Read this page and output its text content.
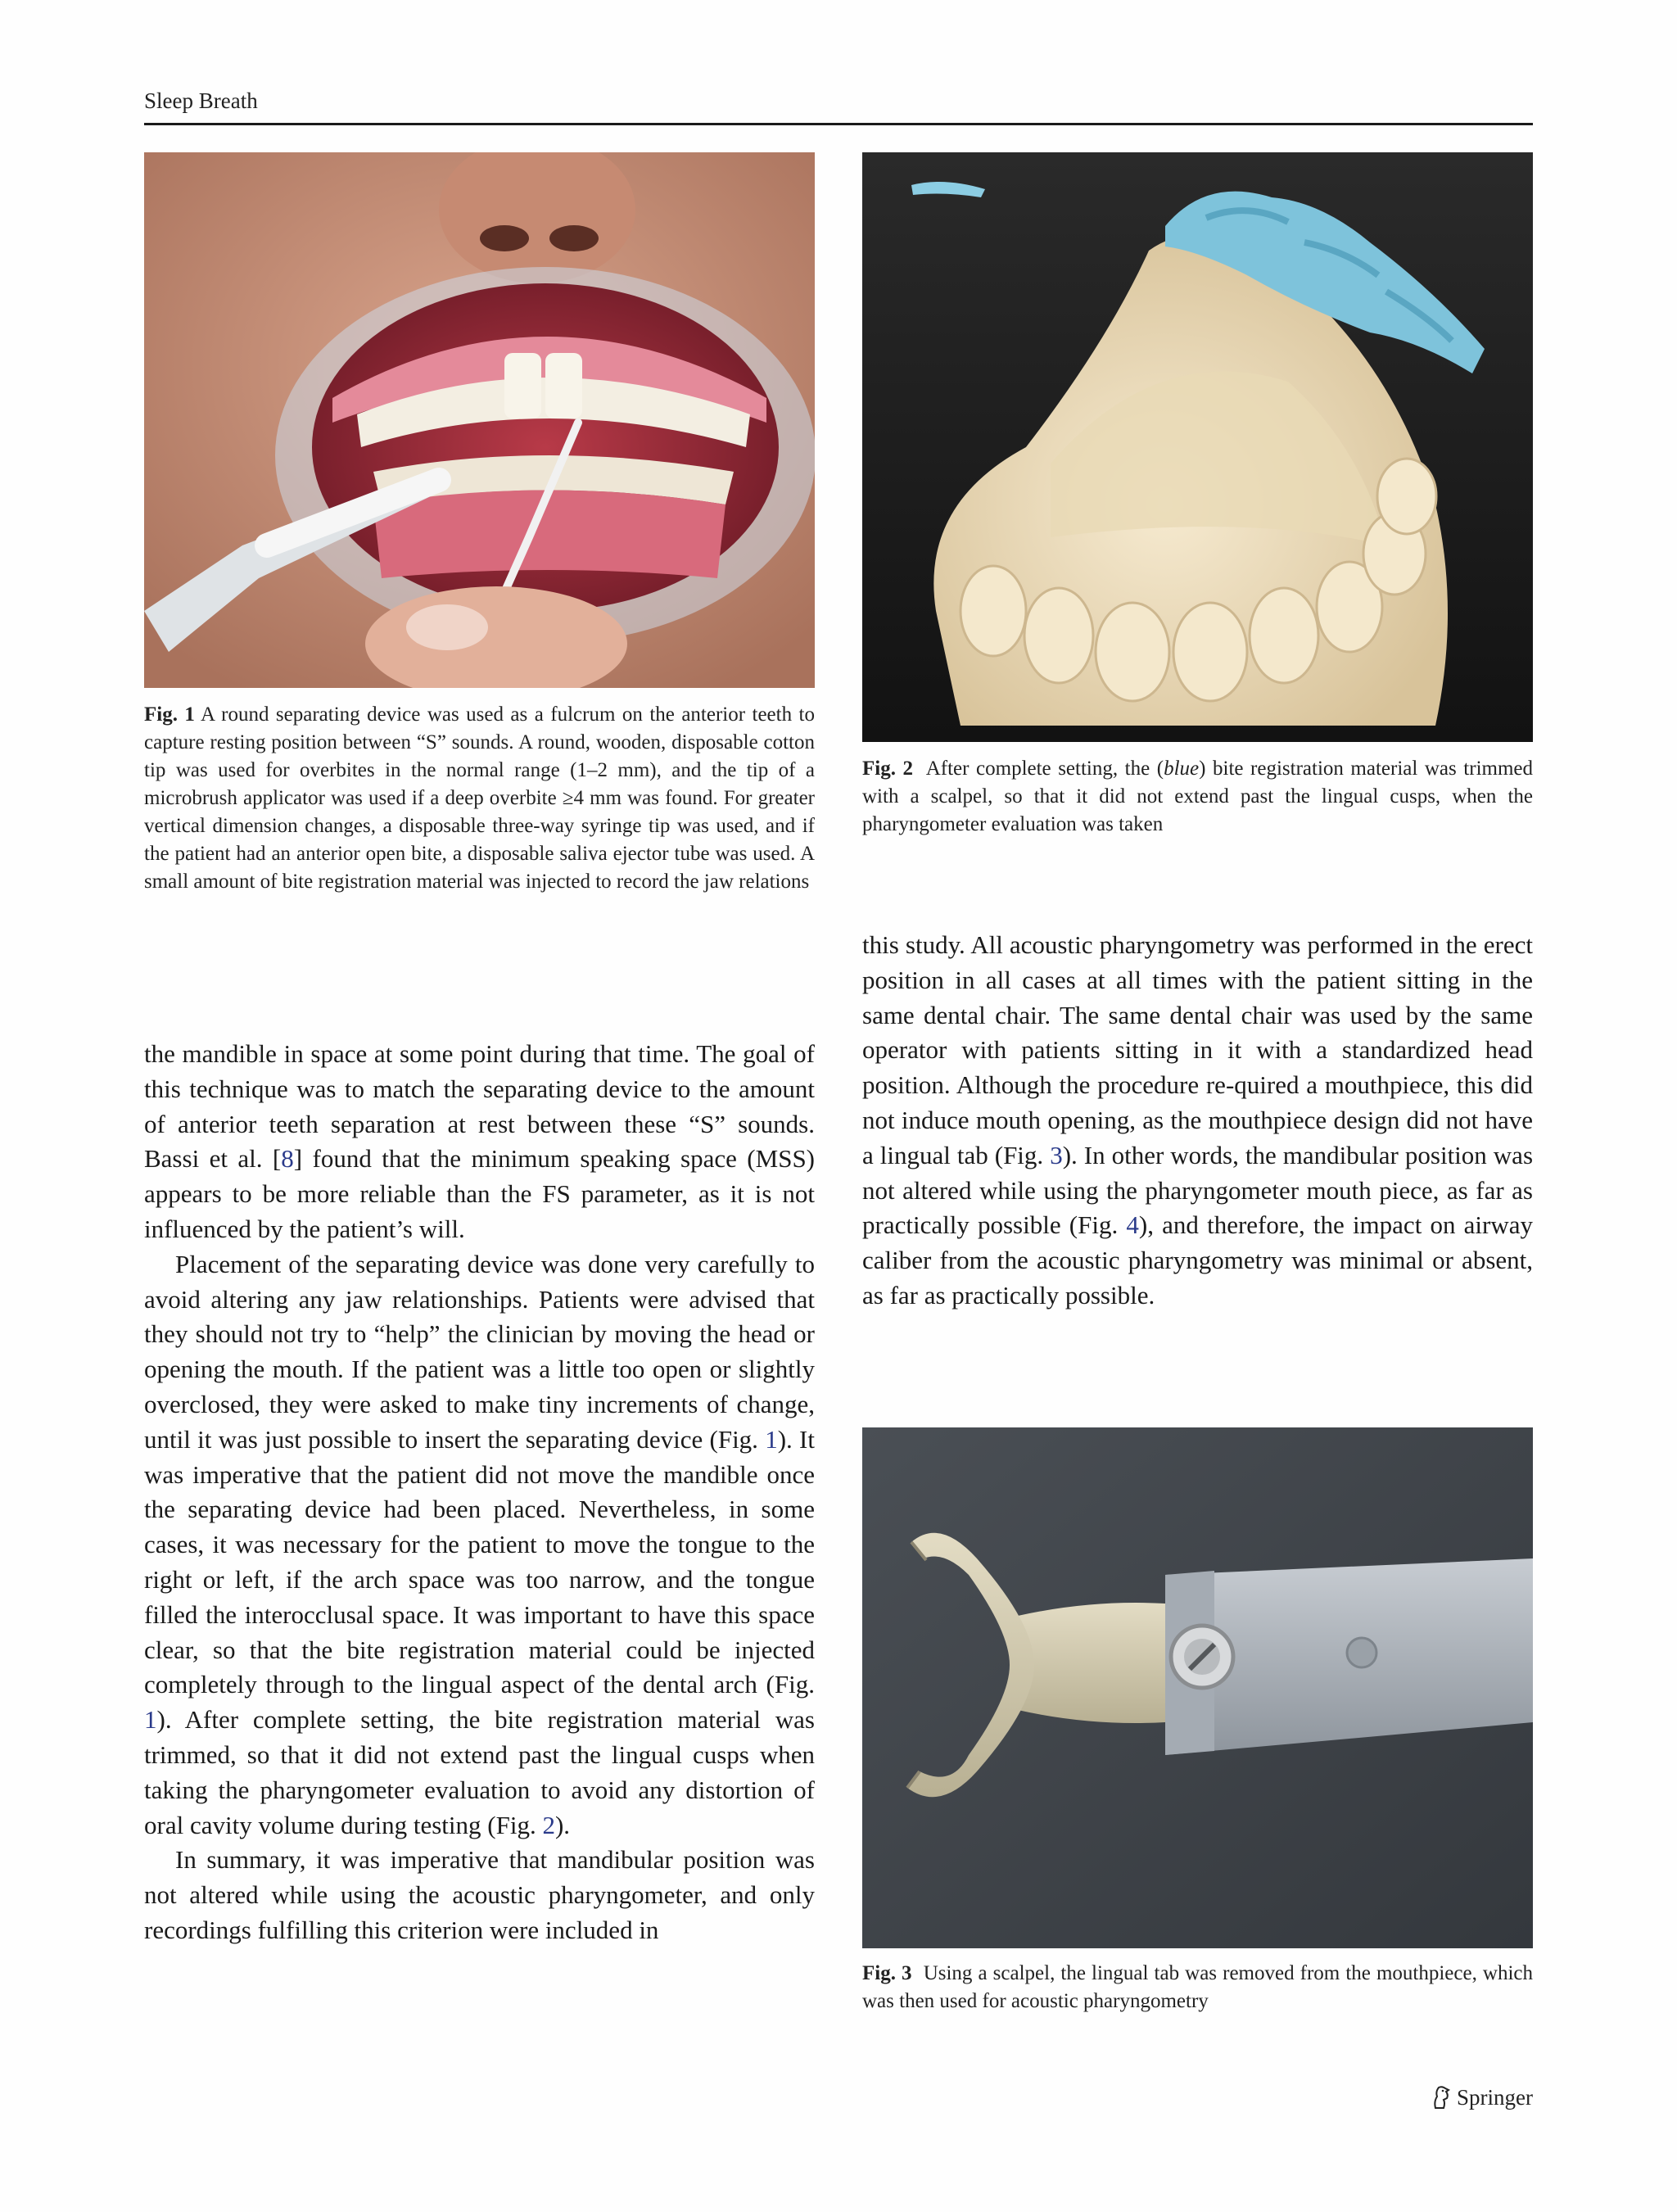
Sleep Breath
Fig. 1 A round separating device was used as a fulcrum on the anterior teeth to capture resting position between “S” sounds. A round, wooden, disposable cotton tip was used for overbites in the normal range (1–2 mm), and the tip of a microbrush applicator was used if a deep overbite ≥4 mm was found. For greater vertical dimension changes, a disposable three-way syringe tip was used, and if the patient had an anterior open bite, a disposable saliva ejector tube was used. A small amount of bite registration material was injected to record the jaw relations
Fig. 2 After complete setting, the (blue) bite registration material was trimmed with a scalpel, so that it did not extend past the lingual cusps, when the pharyngometer evaluation was taken
Fig. 3 Using a scalpel, the lingual tab was removed from the mouthpiece, which was then used for acoustic pharyngometry

the mandible in space at some point during that time. The goal of this technique was to match the separating device to the amount of anterior teeth separation at rest between these “S” sounds. Bassi et al. [8] found that the minimum speaking space (MSS) appears to be more reliable than the FS parameter, as it is not influenced by the patient’s will.

Placement of the separating device was done very carefully to avoid altering any jaw relationships. Patients were advised that they should not try to “help” the clinician by moving the head or opening the mouth. If the patient was a little too open or slightly overclosed, they were asked to make tiny increments of change, until it was just possible to insert the separating device (Fig. 1). It was imperative that the patient did not move the mandible once the separating device had been placed. Nevertheless, in some cases, it was necessary for the patient to move the tongue to the right or left, if the arch space was too narrow, and the tongue filled the interocclusal space. It was important to have this space clear, so that the bite registration material could be injected completely through to the lingual aspect of the dental arch (Fig. 1). After complete setting, the bite registration material was trimmed, so that it did not extend past the lingual cusps when taking the pharyngometer evaluation to avoid any distortion of oral cavity volume during testing (Fig. 2).

In summary, it was imperative that mandibular position was not altered while using the acoustic pharyngometer, and only recordings fulfilling this criterion were included in

this study. All acoustic pharyngometry was performed in the erect position in all cases at all times with the patient sitting in the same dental chair. The same dental chair was used by the same operator with patients sitting in it with a standardized head position. Although the procedure re-quired a mouthpiece, this did not induce mouth opening, as the mouthpiece design did not have a lingual tab (Fig. 3). In other words, the mandibular position was not altered while using the pharyngometer mouth piece, as far as practically possible (Fig. 4), and therefore, the impact on airway caliber from the acoustic pharyngometry was minimal or absent, as far as practically possible.

Springer
